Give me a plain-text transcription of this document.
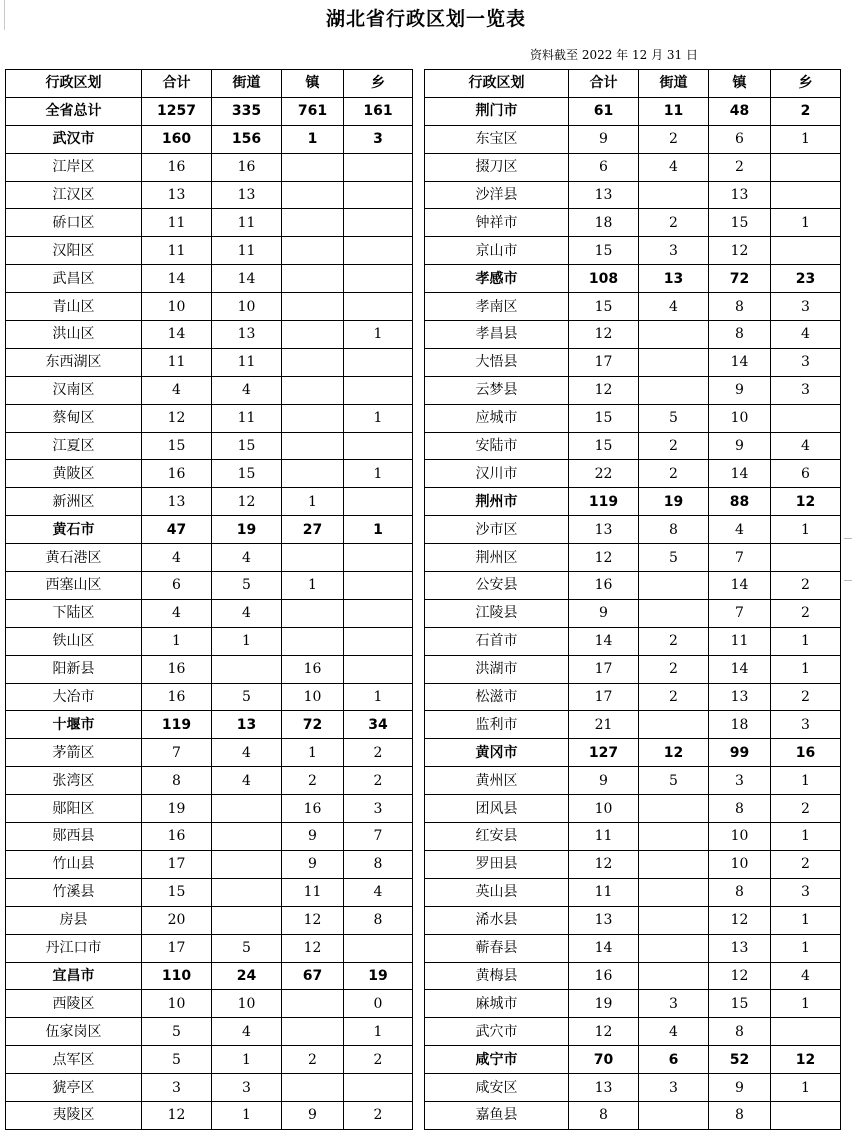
湖北省行政区划一览表
资料截至 2022 年 12 月 31 日
行政区划	合计	街道	镇	乡
全省总计	1257	335	761	161
武汉市	160	156	1	3
江岸区	16	16		
江汉区	13	13		
硚口区	11	11		
汉阳区	11	11		
武昌区	14	14		
青山区	10	10		
洪山区	14	13		1
东西湖区	11	11		
汉南区	4	4		
蔡甸区	12	11		1
江夏区	15	15		
黄陂区	16	15		1
新洲区	13	12	1	
黄石市	47	19	27	1
黄石港区	4	4		
西塞山区	6	5	1	
下陆区	4	4		
铁山区	1	1		
阳新县	16		16	
大冶市	16	5	10	1
十堰市	119	13	72	34
茅箭区	7	4	1	2
张湾区	8	4	2	2
郧阳区	19		16	3
郧西县	16		9	7
竹山县	17		9	8
竹溪县	15		11	4
房县	20		12	8
丹江口市	17	5	12	
宜昌市	110	24	67	19
西陵区	10	10		0
伍家岗区	5	4		1
点军区	5	1	2	2
猇亭区	3	3		
夷陵区	12	1	9	2
行政区划	合计	街道	镇	乡
荆门市	61	11	48	2
东宝区	9	2	6	1
掇刀区	6	4	2	
沙洋县	13		13	
钟祥市	18	2	15	1
京山市	15	3	12	
孝感市	108	13	72	23
孝南区	15	4	8	3
孝昌县	12		8	4
大悟县	17		14	3
云梦县	12		9	3
应城市	15	5	10	
安陆市	15	2	9	4
汉川市	22	2	14	6
荆州市	119	19	88	12
沙市区	13	8	4	1
荆州区	12	5	7	
公安县	16		14	2
江陵县	9		7	2
石首市	14	2	11	1
洪湖市	17	2	14	1
松滋市	17	2	13	2
监利市	21		18	3
黄冈市	127	12	99	16
黄州区	9	5	3	1
团风县	10		8	2
红安县	11		10	1
罗田县	12		10	2
英山县	11		8	3
浠水县	13		12	1
蕲春县	14		13	1
黄梅县	16		12	4
麻城市	19	3	15	1
武穴市	12	4	8	
咸宁市	70	6	52	12
咸安区	13	3	9	1
嘉鱼县	8		8	
